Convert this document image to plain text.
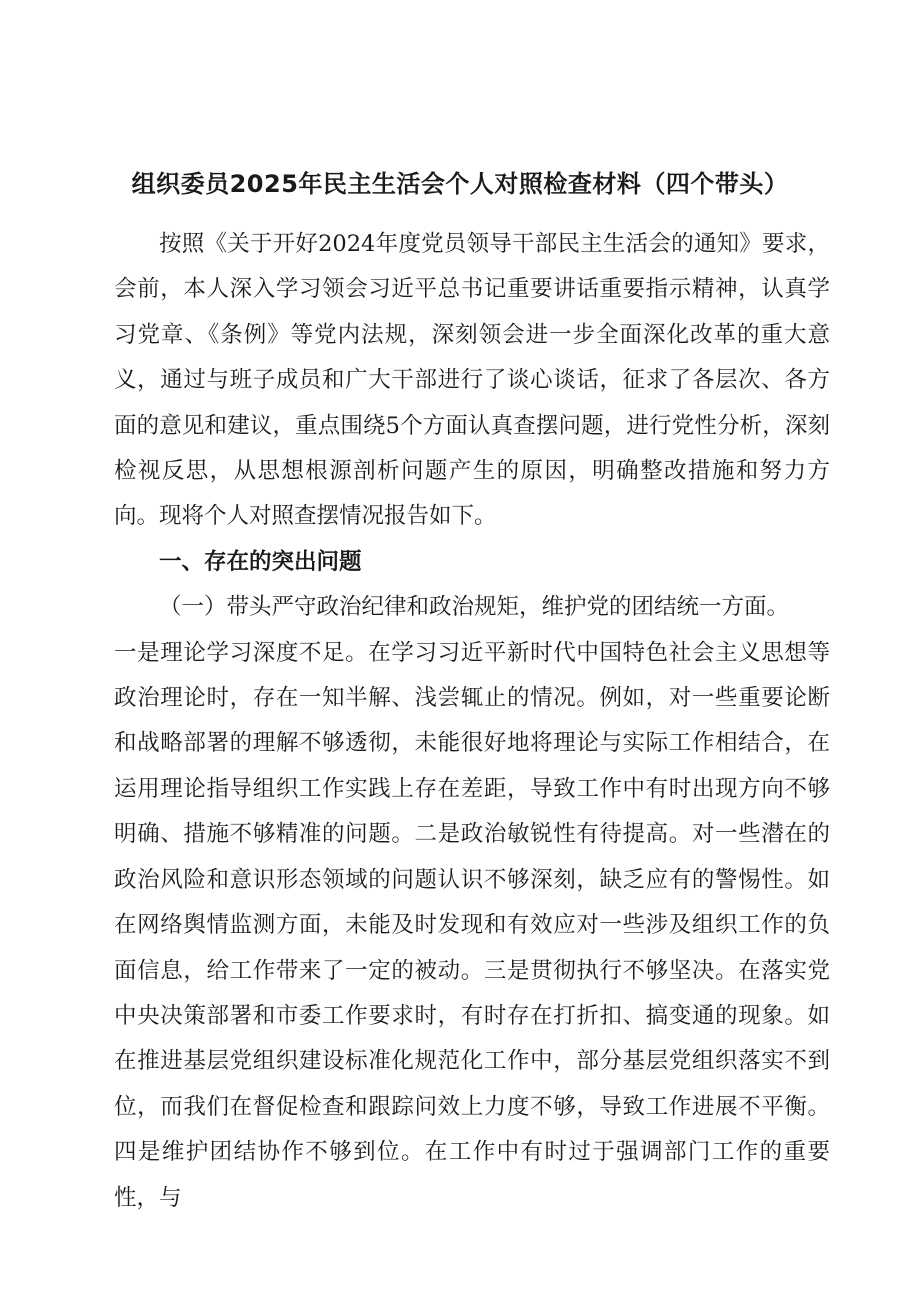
组织委员2025年民主生活会个人对照检查材料（四个带头）

按照《关于开好2024年度党员领导干部民主生活会的通知》要求，会前，本人深入学习领会习近平总书记重要讲话重要指示精神，认真学习党章、《条例》等党内法规，深刻领会进一步全面深化改革的重大意义，通过与班子成员和广大干部进行了谈心谈话，征求了各层次、各方面的意见和建议，重点围绕5个方面认真查摆问题，进行党性分析，深刻检视反思，从思想根源剖析问题产生的原因，明确整改措施和努力方向。现将个人对照查摆情况报告如下。

一、存在的突出问题

（一）带头严守政治纪律和政治规矩，维护党的团结统一方面。

一是理论学习深度不足。在学习习近平新时代中国特色社会主义思想等政治理论时，存在一知半解、浅尝辄止的情况。例如，对一些重要论断和战略部署的理解不够透彻，未能很好地将理论与实际工作相结合，在运用理论指导组织工作实践上存在差距，导致工作中有时出现方向不够明确、措施不够精准的问题。二是政治敏锐性有待提高。对一些潜在的政治风险和意识形态领域的问题认识不够深刻，缺乏应有的警惕性。如在网络舆情监测方面，未能及时发现和有效应对一些涉及组织工作的负面信息，给工作带来了一定的被动。三是贯彻执行不够坚决。在落实党中央决策部署和市委工作要求时，有时存在打折扣、搞变通的现象。如在推进基层党组织建设标准化规范化工作中，部分基层党组织落实不到位，而我们在督促检查和跟踪问效上力度不够，导致工作进展不平衡。四是维护团结协作不够到位。在工作中有时过于强调部门工作的重要性，与
